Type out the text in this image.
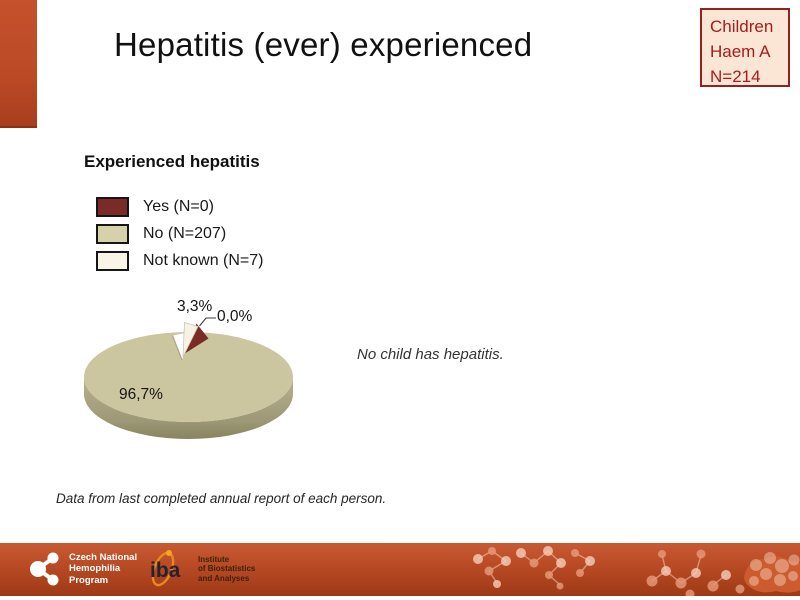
Hepatitis (ever) experienced	Children
Haem A
N=214
Experienced hepatitis
Yes (N=0)
No (N=207)
Not known (N=7)
3,3%
0,0%
96,7%
No child has hepatitis.
Data from last completed annual report of each person.
Czech National
Hemophilia
Program	iba Institute
of Biostatistics
and Analyses
